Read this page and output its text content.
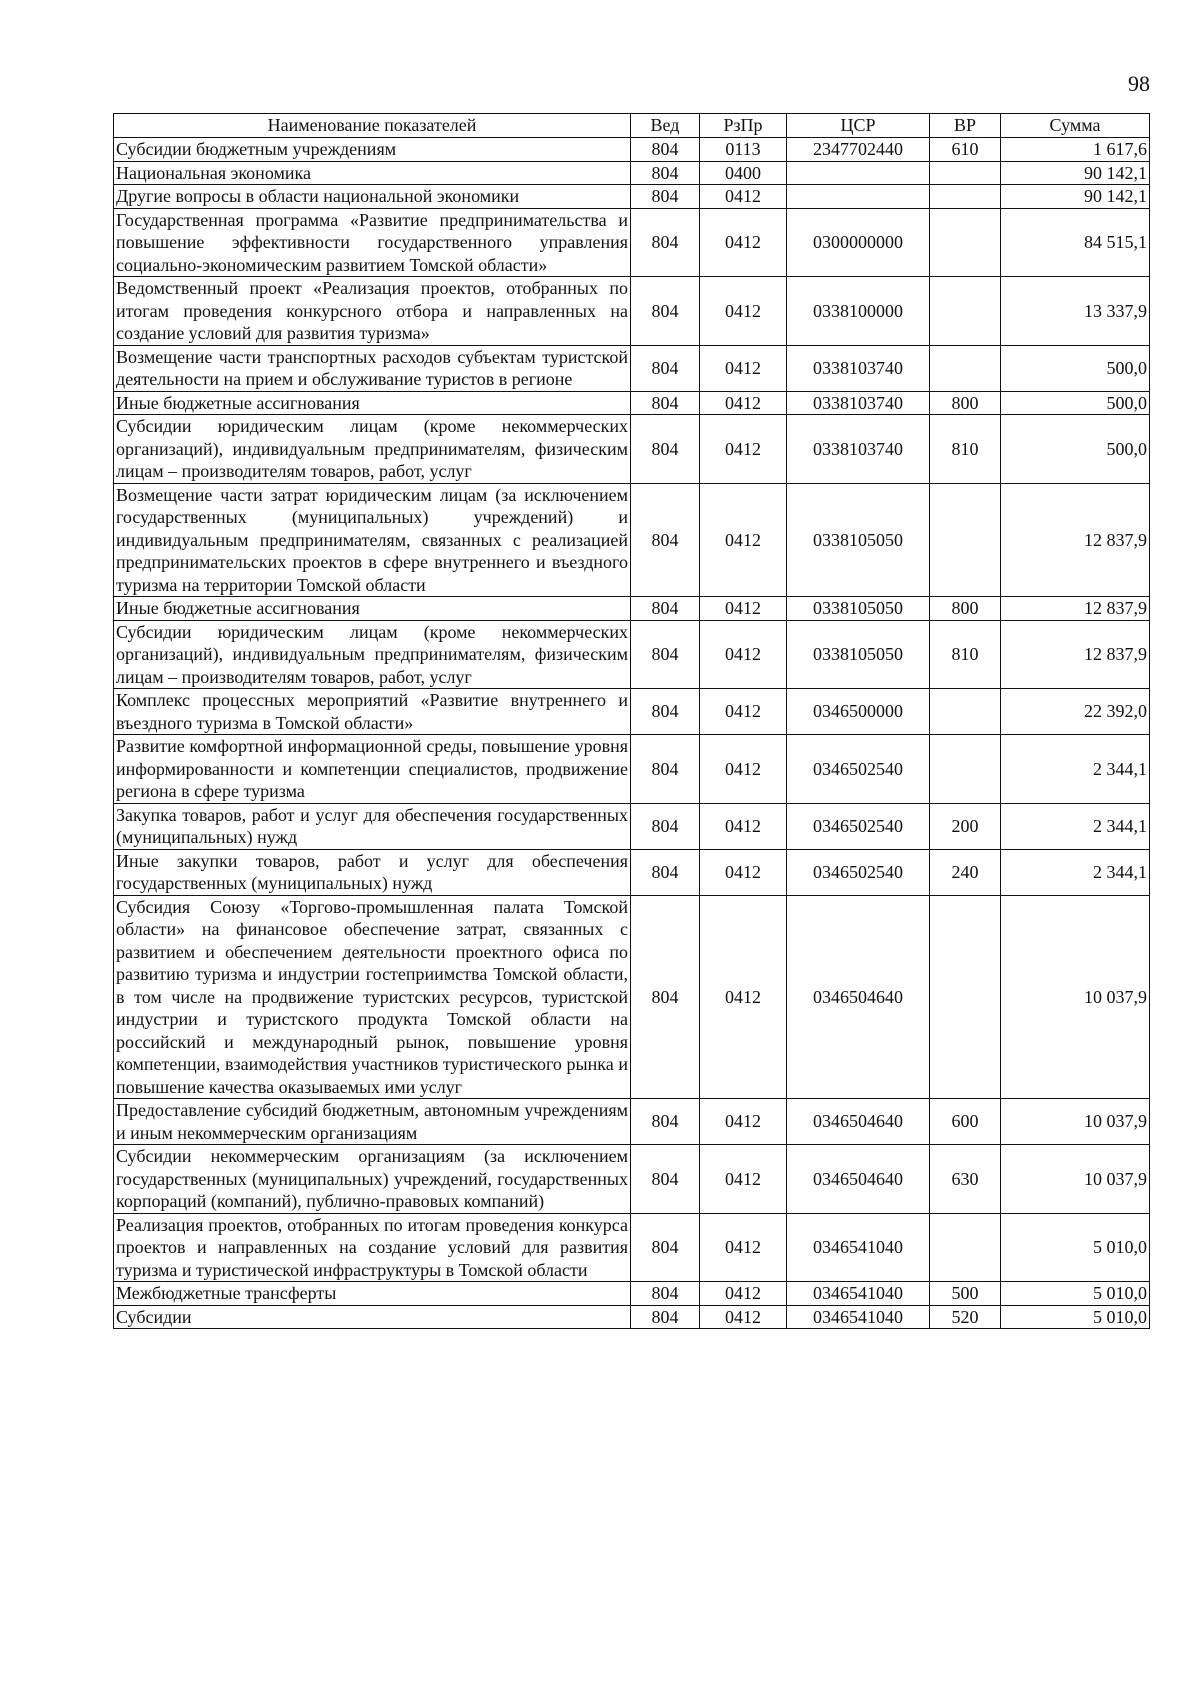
98
Наименование показателей	Вед	РзПр	ЦСР	ВР	Сумма
Субсидии бюджетным учреждениям	804	0113	2347702440	610	1 617,6
Национальная экономика	804	0400			90 142,1
Другие вопросы в области национальной экономики	804	0412			90 142,1
Государственная программа «Развитие предпринимательства и повышение эффективности государственного управления социально-экономическим развитием Томской области»	804	0412	0300000000		84 515,1
Ведомственный проект «Реализация проектов, отобранных по итогам проведения конкурсного отбора и направленных на создание условий для развития туризма»	804	0412	0338100000		13 337,9
Возмещение части транспортных расходов субъектам туристской деятельности на прием и обслуживание туристов в регионе	804	0412	0338103740		500,0
Иные бюджетные ассигнования	804	0412	0338103740	800	500,0
Субсидии юридическим лицам (кроме некоммерческих организаций), индивидуальным предпринимателям, физическим лицам – производителям товаров, работ, услуг	804	0412	0338103740	810	500,0
Возмещение части затрат юридическим лицам (за исключением государственных (муниципальных) учреждений) и индивидуальным предпринимателям, связанных с реализацией предпринимательских проектов в сфере внутреннего и въездного туризма на территории Томской области	804	0412	0338105050		12 837,9
Иные бюджетные ассигнования	804	0412	0338105050	800	12 837,9
Субсидии юридическим лицам (кроме некоммерческих организаций), индивидуальным предпринимателям, физическим лицам – производителям товаров, работ, услуг	804	0412	0338105050	810	12 837,9
Комплекс процессных мероприятий «Развитие внутреннего и въездного туризма в Томской области»	804	0412	0346500000		22 392,0
Развитие комфортной информационной среды, повышение уровня информированности и компетенции специалистов, продвижение региона в сфере туризма	804	0412	0346502540		2 344,1
Закупка товаров, работ и услуг для обеспечения государственных (муниципальных) нужд	804	0412	0346502540	200	2 344,1
Иные закупки товаров, работ и услуг для обеспечения государственных (муниципальных) нужд	804	0412	0346502540	240	2 344,1
Субсидия Союзу «Торгово-промышленная палата Томской области» на финансовое обеспечение затрат, связанных с развитием и обеспечением деятельности проектного офиса по развитию туризма и индустрии гостеприимства Томской области, в том числе на продвижение туристских ресурсов, туристской индустрии и туристского продукта Томской области на российский и международный рынок, повышение уровня компетенции, взаимодействия участников туристического рынка и повышение качества оказываемых ими услуг	804	0412	0346504640		10 037,9
Предоставление субсидий бюджетным, автономным учреждениям и иным некоммерческим организациям	804	0412	0346504640	600	10 037,9
Субсидии некоммерческим организациям (за исключением государственных (муниципальных) учреждений, государственных корпораций (компаний), публично-правовых компаний)	804	0412	0346504640	630	10 037,9
Реализация проектов, отобранных по итогам проведения конкурса проектов и направленных на создание условий для развития туризма и туристической инфраструктуры в Томской области	804	0412	0346541040		5 010,0
Межбюджетные трансферты	804	0412	0346541040	500	5 010,0
Субсидии	804	0412	0346541040	520	5 010,0
